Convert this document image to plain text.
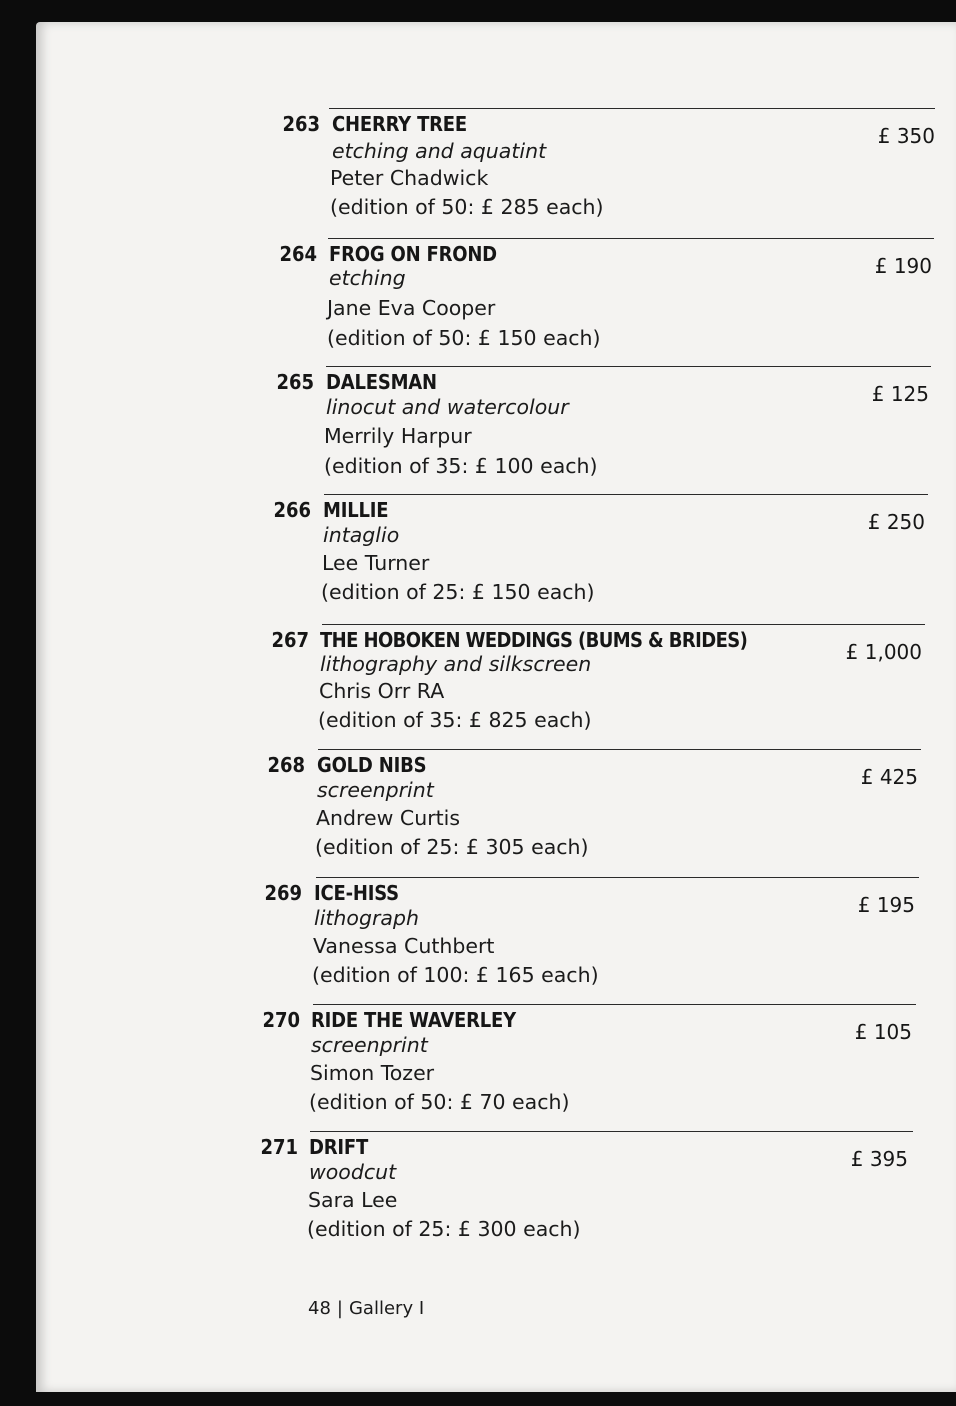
263 CHERRY TREE
etching and aquatint
Peter Chadwick
(edition of 50: £ 285 each)
£ 350
264 FROG ON FROND
etching
Jane Eva Cooper
(edition of 50: £ 150 each)
£ 190
265 DALESMAN
linocut and watercolour
Merrily Harpur
(edition of 35: £ 100 each)
£ 125
266 MILLIE
intaglio
Lee Turner
(edition of 25: £ 150 each)
£ 250
267 THE HOBOKEN WEDDINGS (BUMS & BRIDES)
lithography and silkscreen
Chris Orr RA
(edition of 35: £ 825 each)
£ 1,000
268 GOLD NIBS
screenprint
Andrew Curtis
(edition of 25: £ 305 each)
£ 425
269 ICE-HISS
lithograph
Vanessa Cuthbert
(edition of 100: £ 165 each)
£ 195
270 RIDE THE WAVERLEY
screenprint
Simon Tozer
(edition of 50: £ 70 each)
£ 105
271 DRIFT
woodcut
Sara Lee
(edition of 25: £ 300 each)
£ 395
48 | Gallery I
